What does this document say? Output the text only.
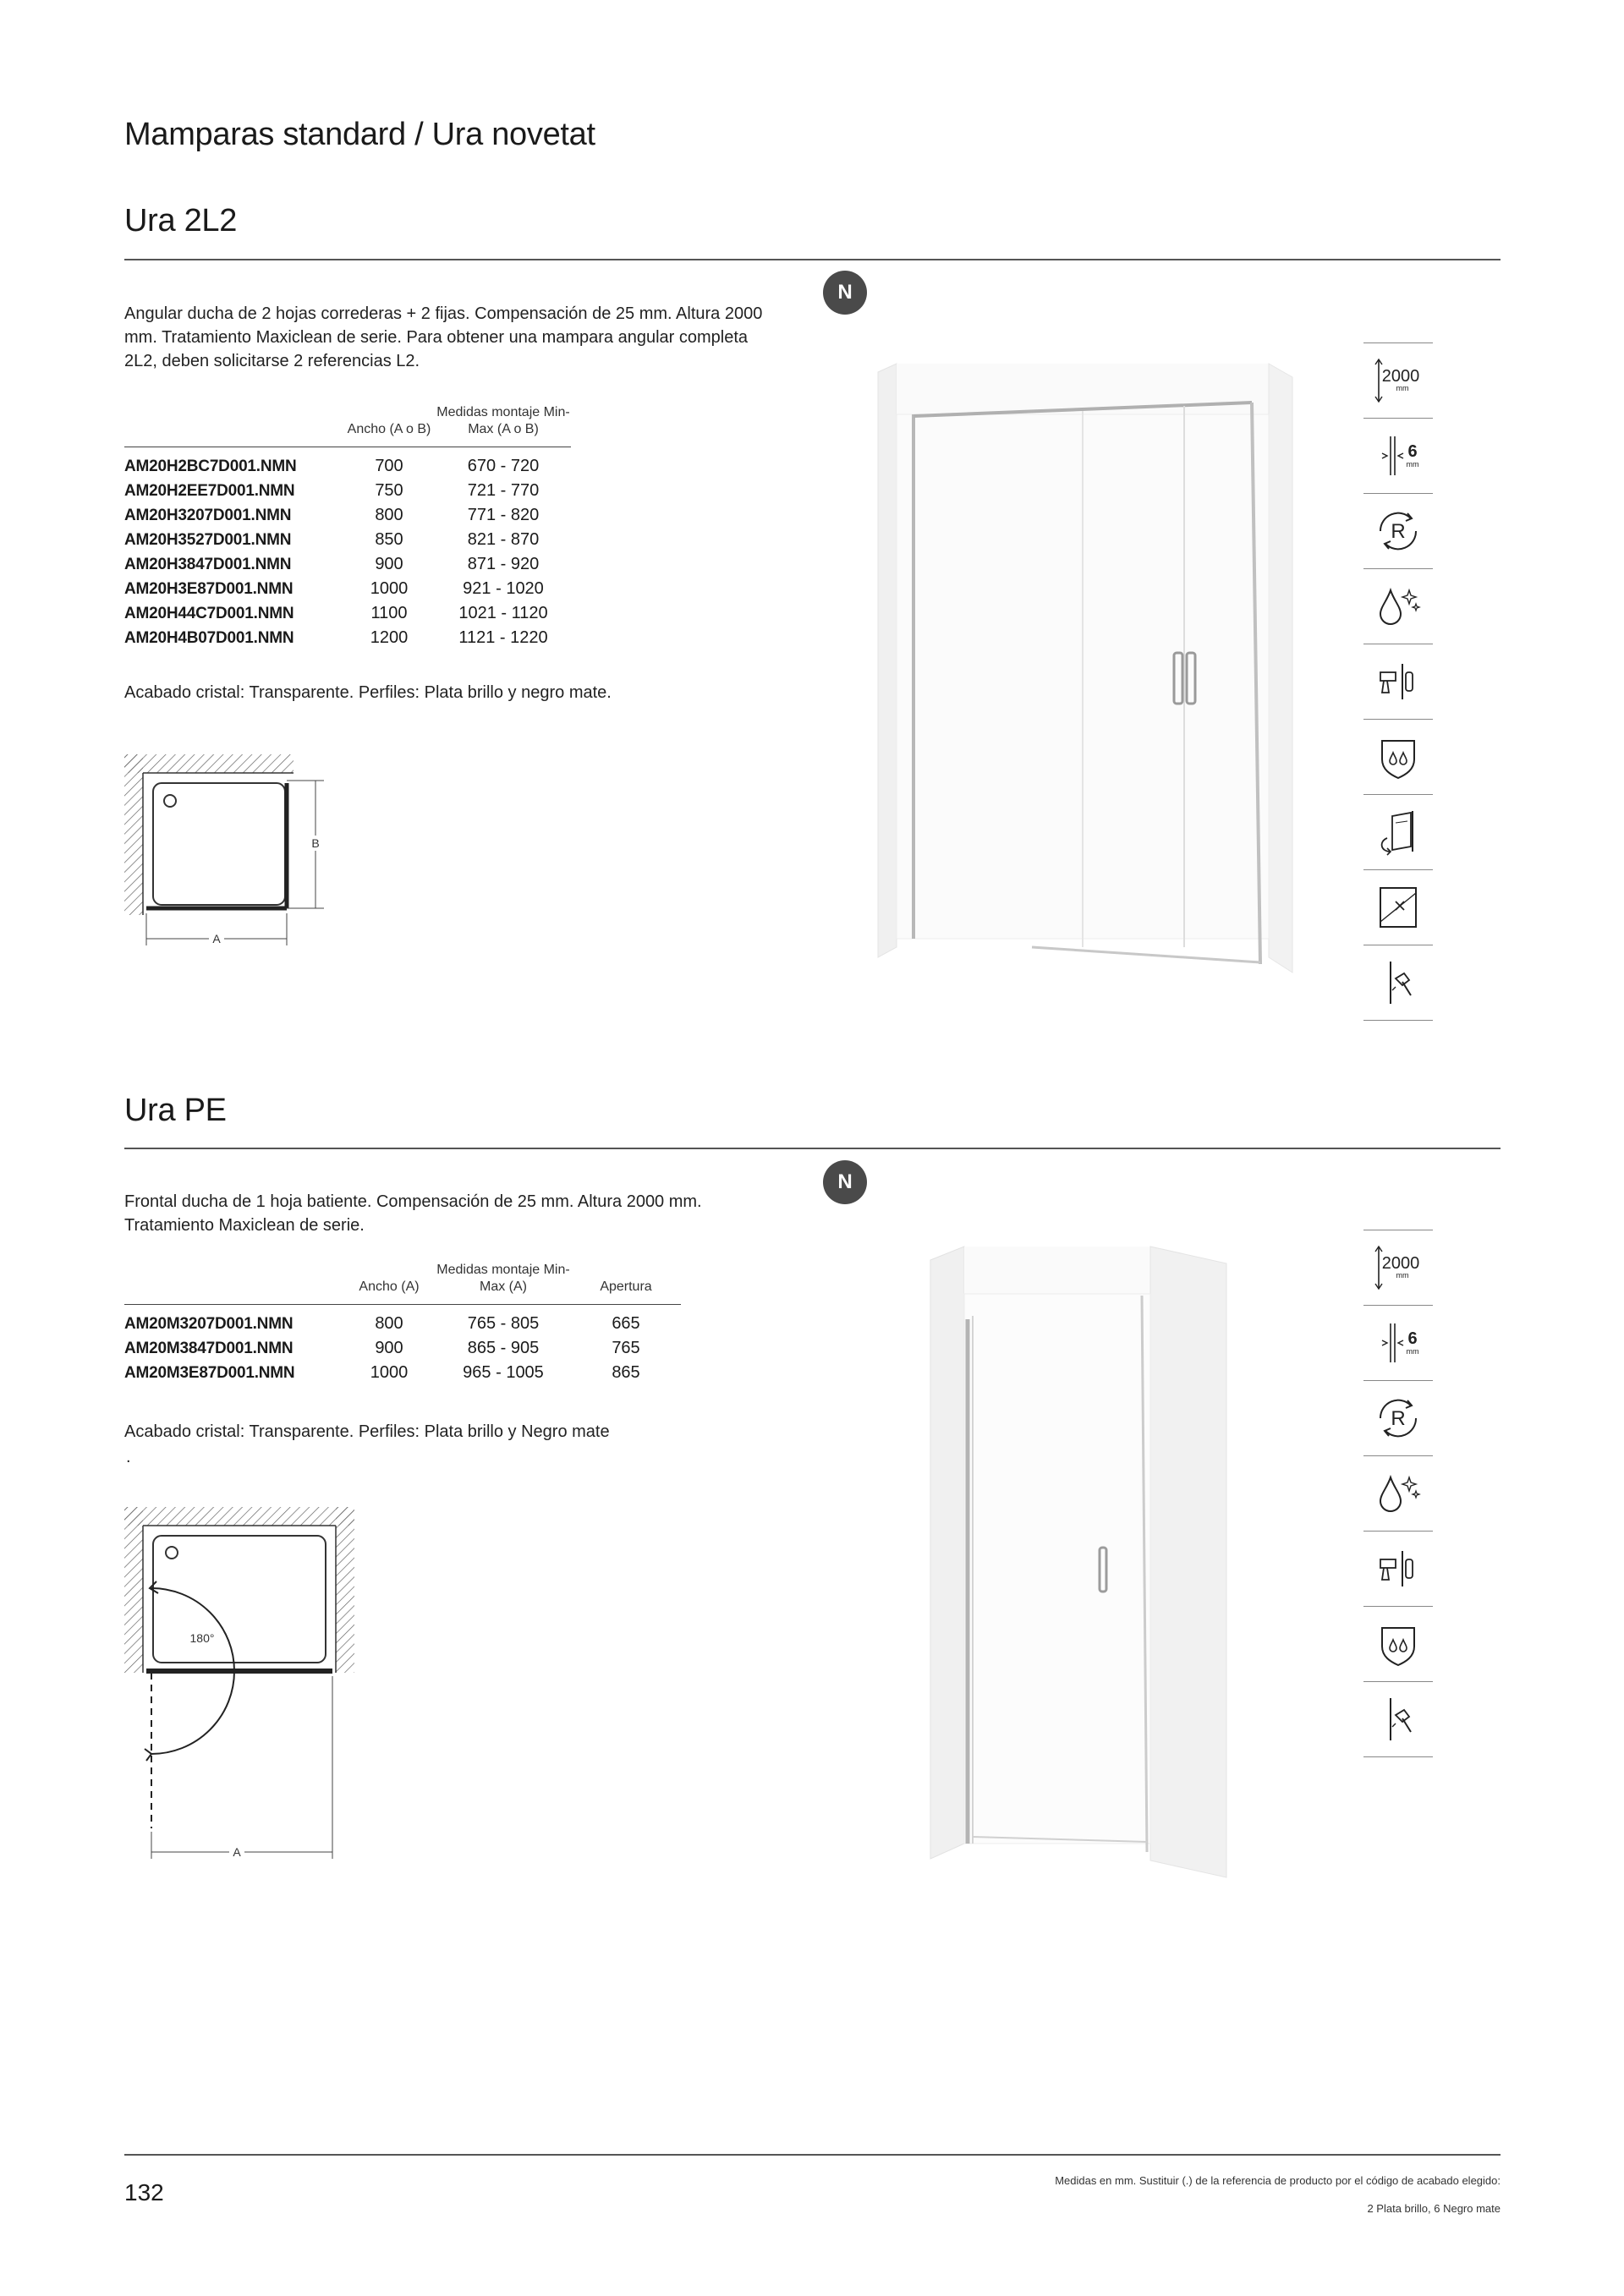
Mamparas standard / Ura novetat
Ura 2L2
Angular ducha de 2 hojas correderas + 2 fijas. Compensación de 25 mm. Altura 2000 mm. Tratamiento Maxiclean de serie. Para obtener una mampara angular completa 2L2, deben solicitarse 2 referencias L2.
N
	Ancho (A o B)	Medidas montaje Min-Max (A o B)
AM20H2BC7D001.NMN	700	670 - 720
AM20H2EE7D001.NMN	750	721 - 770
AM20H3207D001.NMN	800	771 - 820
AM20H3527D001.NMN	850	821 - 870
AM20H3847D001.NMN	900	871 - 920
AM20H3E87D001.NMN	1000	921 - 1020
AM20H44C7D001.NMN	1100	1021 - 1120
AM20H4B07D001.NMN	1200	1121 - 1220
Acabado cristal: Transparente. Perfiles: Plata brillo y negro mate.
B
A
2000
mm
6
mm
R
Ura PE
Frontal ducha de 1 hoja batiente. Compensación de 25 mm. Altura 2000 mm. Tratamiento Maxiclean de serie.
N
	Ancho (A)	Medidas montaje Min-Max (A)	Apertura
AM20M3207D001.NMN	800	765 - 805	665
AM20M3847D001.NMN	900	865 - 905	765
AM20M3E87D001.NMN	1000	965 - 1005	865
Acabado cristal: Transparente. Perfiles: Plata brillo y Negro mate
.
A
180°
2000
mm
6
mm
R
132	Medidas en mm. Sustituir (.) de la referencia de producto por el código de acabado elegido:
2 Plata brillo, 6 Negro mate
